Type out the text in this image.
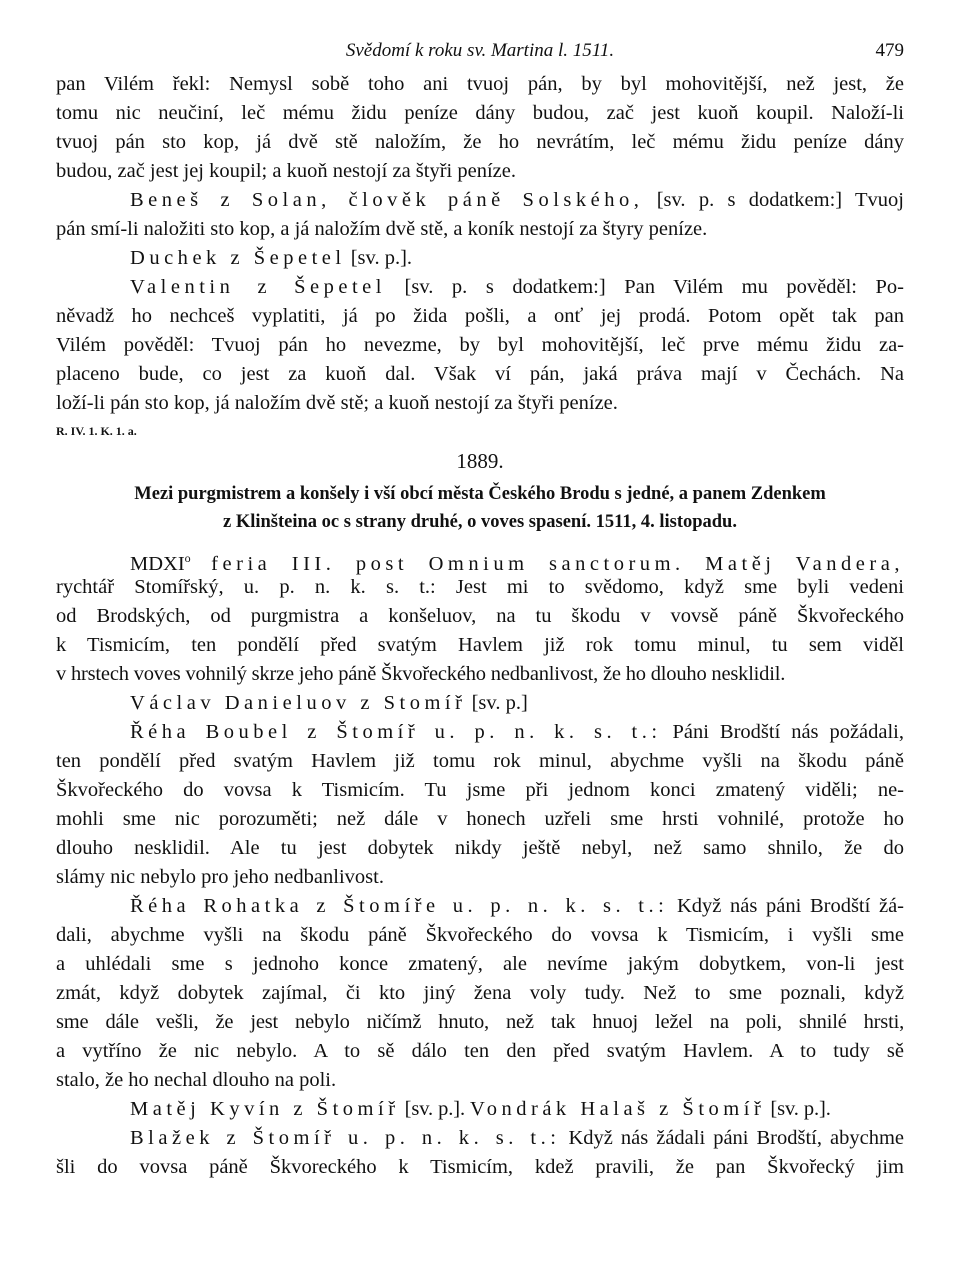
Svědomí k roku sv. Martina l. 1511.	479
pan Vilém řekl: Nemysl sobě toho ani tvuoj pán, by byl mohovitější, než jest, že
tomu nic neučiní, leč mému židu peníze dány budou, zač jest kuoň koupil. Naloží-li
tvuoj pán sto kop, já dvě stě naložím, že ho nevrátím, leč mému židu peníze dány
budou, zač jest jej koupil; a kuoň nestojí za štyři peníze.
Beneš z Solan, člověk páně Solského, [sv. p. s dodatkem:] Tvuoj
pán smí-li naložiti sto kop, a já naložím dvě stě, a koník nestojí za štyry peníze.
Duchek z Šepetel [sv. p.].
Valentin z Šepetel [sv. p. s dodatkem:] Pan Vilém mu pověděl: Po-
něvadž ho nechceš vyplatiti, já po žida pošli, a onť jej prodá. Potom opět tak pan
Vilém pověděl: Tvuoj pán ho nevezme, by byl mohovitější, leč prve mému židu za-
placeno bude, co jest za kuoň dal. Však ví pán, jaká práva mají v Čechách. Na
loží-li pán sto kop, já naložím dvě stě; a kuoň nestojí za štyři peníze.
R. IV. 1. K. 1. a.
1889.
Mezi purgmistrem a konšely i vší obcí města Českého Brodu s jedné, a panem Zdenkem
z Klinšteina oc s strany druhé, o voves spasení. 1511, 4. listopadu.
MDXI$^o$ feria III. post Omnium sanctorum. Matěj Vandera,
rychtář Stomířský, u. p. n. k. s. t.: Jest mi to svědomo, když sme byli vedeni
od Brodských, od purgmistra a konšeluov, na tu škodu v vovsě páně Škvořeckého
k Tismicím, ten pondělí před svatým Havlem již rok tomu minul, tu sem viděl
v hrstech voves vohnilý skrze jeho páně Škvořeckého nedbanlivost, že ho dlouho nesklidil.
Václav Danieluov z Stomíř [sv. p.]
Řéha Boubel z Štomíř u. p. n. k. s. t.: Páni Brodští nás požádali,
ten pondělí před svatým Havlem již tomu rok minul, abychme vyšli na škodu páně
Škvořeckého do vovsa k Tismicím. Tu jsme při jednom konci zmatený viděli; ne-
mohli sme nic porozuměti; než dále v honech uzřeli sme hrsti vohnilé, protože ho
dlouho nesklidil. Ale tu jest dobytek nikdy ještě nebyl, než samo shnilo, že do
slámy nic nebylo pro jeho nedbanlivost.
Řéha Rohatka z Štomíře u. p. n. k. s. t.: Když nás páni Brodští žá-
dali, abychme vyšli na škodu páně Škvořeckého do vovsa k Tismicím, i vyšli sme
a uhlédali sme s jednoho konce zmatený, ale nevíme jakým dobytkem, von-li jest
zmát, když dobytek zajímal, či kto jiný žena voly tudy. Než to sme poznali, když
sme dále vešli, že jest nebylo ničímž hnuto, než tak hnuoj ležel na poli, shnilé hrsti,
a vytříno že nic nebylo. A to sě dálo ten den před svatým Havlem. A to tudy sě
stalo, že ho nechal dlouho na poli.
Matěj Kyvín z Štomíř [sv. p.]. Vondrák Halaš z Štomíř [sv. p.].
Blažek z Štomíř u. p. n. k. s. t.: Když nás žádali páni Brodští, abychme
šli do vovsa páně Škvoreckého k Tismicím, kdež pravili, že pan Škvořecký jim
